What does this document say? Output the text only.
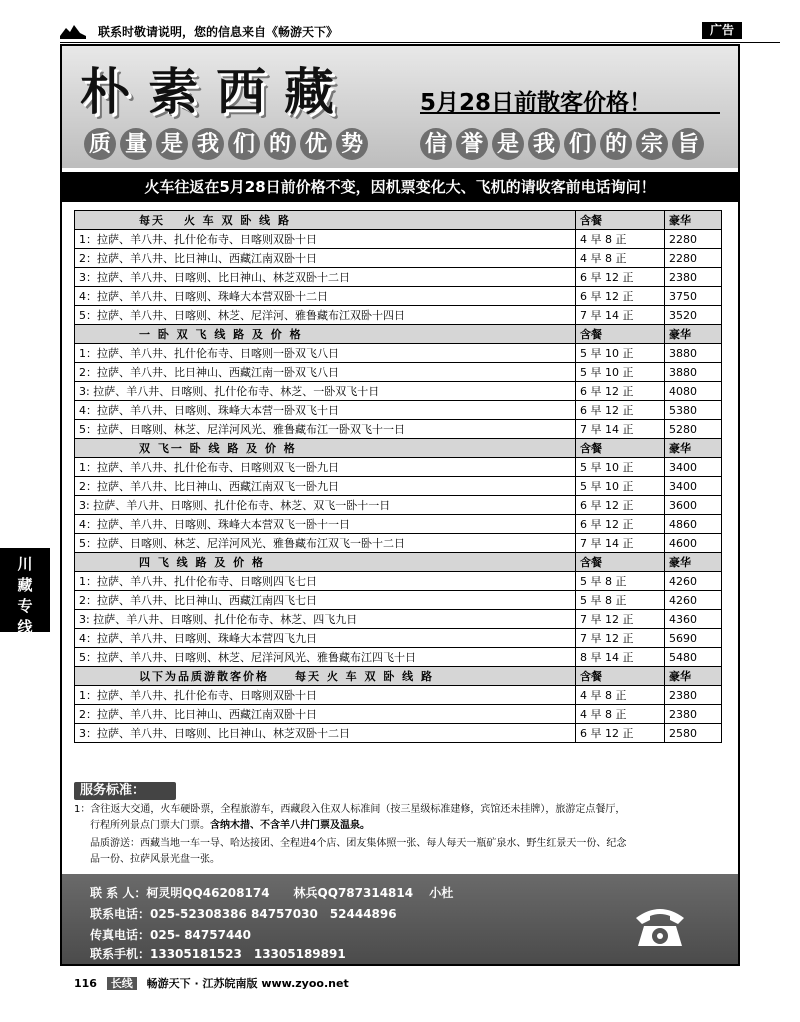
联系时敬请说明，您的信息来自《畅游天下》	广告
朴素西藏	5月28日前散客价格！
质 量 是 我 们 的 优 势	信 誉 是 我 们 的 宗 旨
火车往返在5月28日前价格不变，因机票变化大、飞机的请收客前电话询问！
每天　 火 车 双 卧 线 路	含餐	豪华
1：拉萨、羊八井、扎什伦布寺、日喀则双卧十日	4 早 8 正	2280
2：拉萨、羊八井、比日神山、西藏江南双卧十日	4 早 8 正	2280
3：拉萨、羊八井、日喀则、比日神山、林芝双卧十二日	6 早 12 正	2380
4：拉萨、羊八井、日喀则、珠峰大本营双卧十二日	6 早 12 正	3750
5：拉萨、羊八井、日喀则、林芝、尼洋河、雅鲁藏布江双卧十四日	7 早 14 正	3520
一 卧 双 飞 线 路 及 价 格	含餐	豪华
1：拉萨、羊八井、扎什伦布寺、日喀则一卧双飞八日	5 早 10 正	3880
2：拉萨、羊八井、比日神山、西藏江南一卧双飞八日	5 早 10 正	3880
3: 拉萨、羊八井、日喀则、扎什伦布寺、林芝、一卧双飞十日	6 早 12 正	4080
4：拉萨、羊八井、日喀则、珠峰大本营一卧双飞十日	6 早 12 正	5380
5：拉萨、日喀则、林芝、尼洋河风光、雅鲁藏布江一卧双飞十一日	7 早 14 正	5280
双 飞一 卧 线 路 及 价 格	含餐	豪华
1：拉萨、羊八井、扎什伦布寺、日喀则双飞一卧九日	5 早 10 正	3400
2：拉萨、羊八井、比日神山、西藏江南双飞一卧九日	5 早 10 正	3400
3: 拉萨、羊八井、日喀则、扎什伦布寺、林芝、双飞一卧十一日	6 早 12 正	3600
4：拉萨、羊八井、日喀则、珠峰大本营双飞一卧十一日	6 早 12 正	4860
5：拉萨、日喀则、林芝、尼洋河风光、雅鲁藏布江双飞一卧十二日	7 早 14 正	4600
四 飞 线 路 及 价 格	含餐	豪华
1：拉萨、羊八井、扎什伦布寺、日喀则四飞七日	5 早 8 正	4260
2：拉萨、羊八井、比日神山、西藏江南四飞七日	5 早 8 正	4260
3: 拉萨、羊八井、日喀则、扎什伦布寺、林芝、四飞九日	7 早 12 正	4360
4：拉萨、羊八井、日喀则、珠峰大本营四飞九日	7 早 12 正	5690
5：拉萨、羊八井、日喀则、林芝、尼洋河风光、雅鲁藏布江四飞十日	8 早 14 正	5480
以下为品质游散客价格　　每天 火 车 双 卧 线 路	含餐	豪华
1：拉萨、羊八井、扎什伦布寺、日喀则双卧十日	4 早 8 正	2380
2：拉萨、羊八井、比日神山、西藏江南双卧十日	4 早 8 正	2380
3：拉萨、羊八井、日喀则、比日神山、林芝双卧十二日	6 早 12 正	2580
川
藏
专
线
服务标准：
1：含往返大交通，火车硬卧票，全程旅游车，西藏段入住双人标准间（按三星级标准建修，宾馆还未挂牌），旅游定点餐厅，
行程所列景点门票大门票。含纳木措、不含羊八井门票及温泉。
品质游送：西藏当地一车一导、哈达接团、全程进4个店、团友集体照一张、每人每天一瓶矿泉水、野生红景天一份、纪念
品一份、拉萨风景光盘一张。
联 系 人：柯灵明QQ46208174　　林兵QQ787314814　 小杜
联系电话：025-52308386 84757030　52444896
传真电话：025- 84757440
联系手机：13305181523　13305189891
116 长线 畅游天下 · 江苏皖南版 www.zyoo.net
